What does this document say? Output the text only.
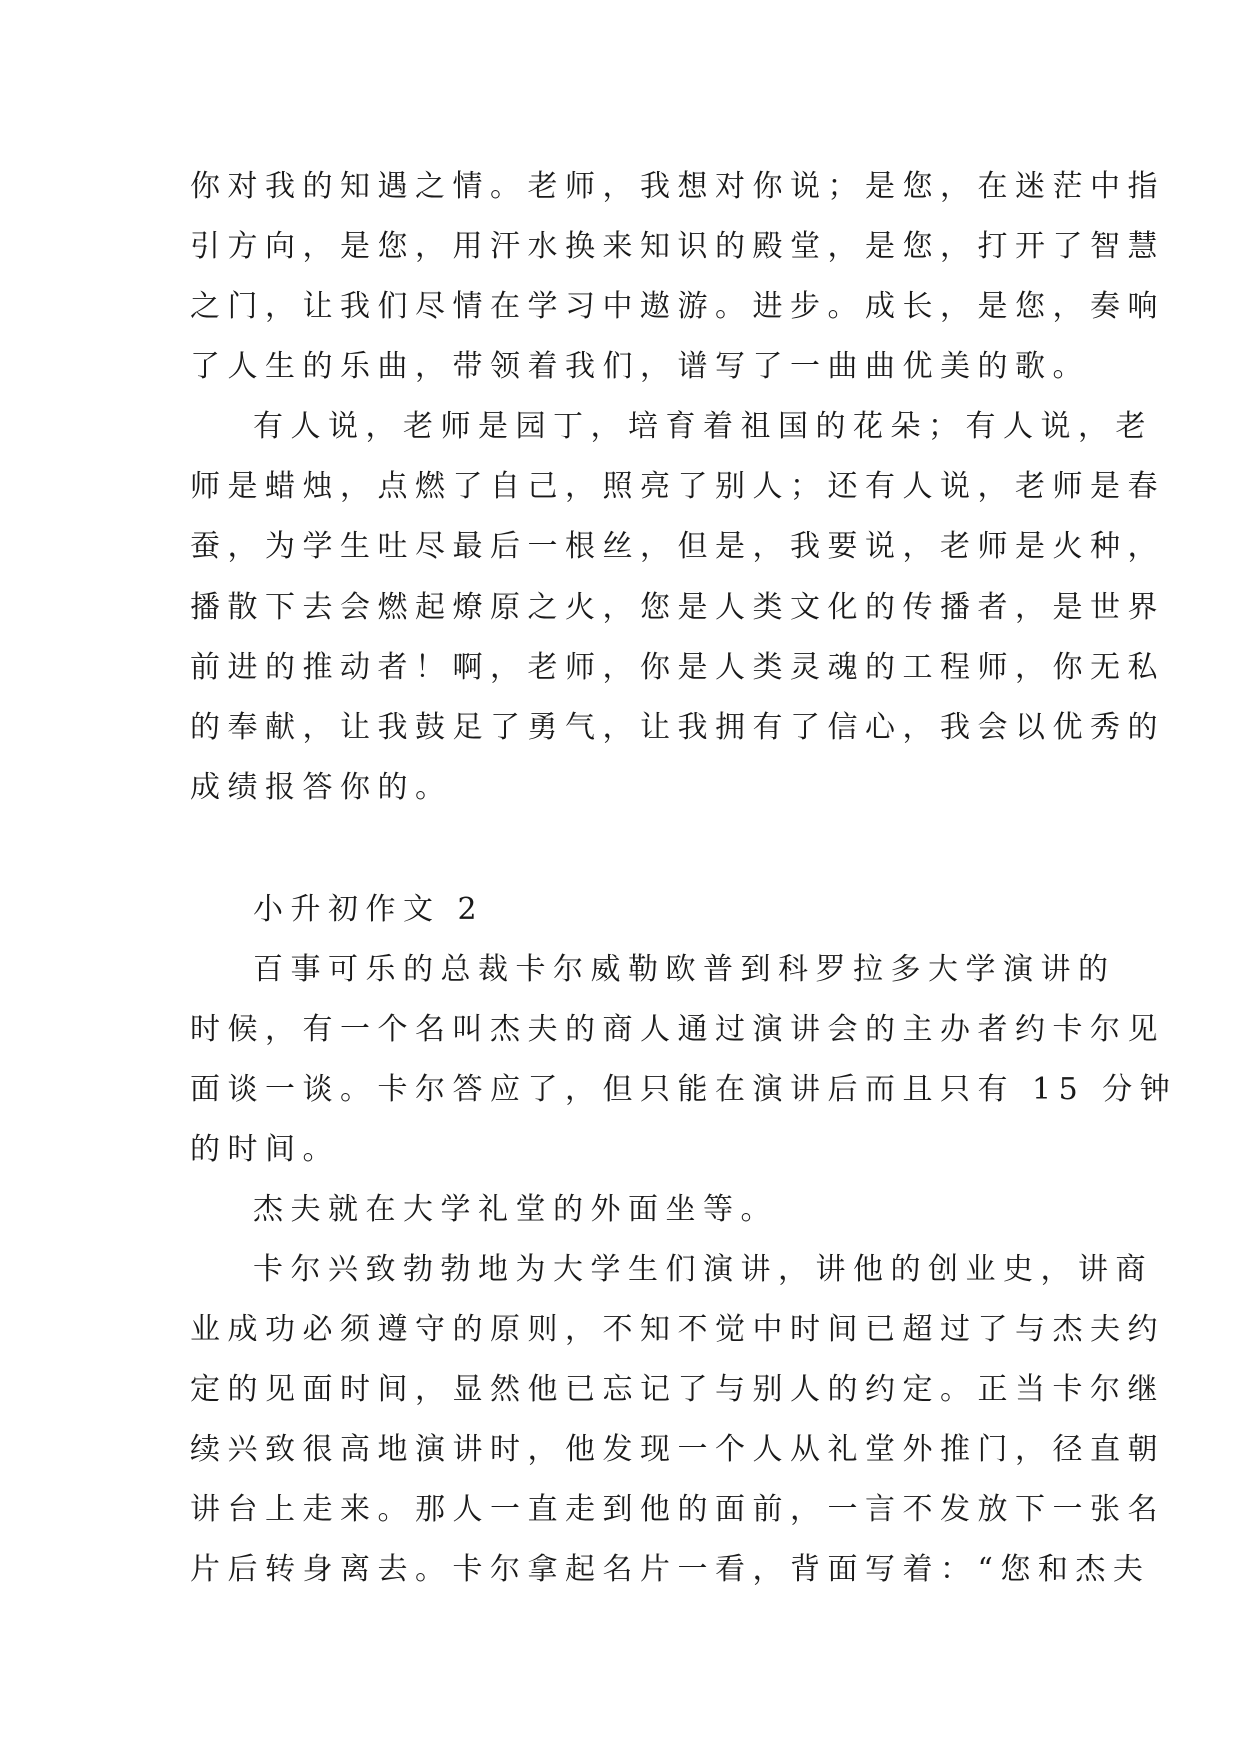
你对我的知遇之情。老师，我想对你说；是您，在迷茫中指
引方向，是您，用汗水换来知识的殿堂，是您，打开了智慧
之门，让我们尽情在学习中遨游。进步。成长，是您，奏响
了人生的乐曲，带领着我们，谱写了一曲曲优美的歌。
有人说，老师是园丁，培育着祖国的花朵；有人说，老
师是蜡烛，点燃了自己，照亮了别人；还有人说，老师是春
蚕，为学生吐尽最后一根丝，但是，我要说，老师是火种，
播散下去会燃起燎原之火，您是人类文化的传播者，是世界
前进的推动者！啊，老师，你是人类灵魂的工程师，你无私
的奉献，让我鼓足了勇气，让我拥有了信心，我会以优秀的
成绩报答你的。
小升初作文 2
百事可乐的总裁卡尔威勒欧普到科罗拉多大学演讲的
时候，有一个名叫杰夫的商人通过演讲会的主办者约卡尔见
面谈一谈。卡尔答应了，但只能在演讲后而且只有 15 分钟
的时间。
杰夫就在大学礼堂的外面坐等。
卡尔兴致勃勃地为大学生们演讲，讲他的创业史，讲商
业成功必须遵守的原则，不知不觉中时间已超过了与杰夫约
定的见面时间，显然他已忘记了与别人的约定。正当卡尔继
续兴致很高地演讲时，他发现一个人从礼堂外推门，径直朝
讲台上走来。那人一直走到他的面前，一言不发放下一张名
片后转身离去。卡尔拿起名片一看，背面写着：“您和杰夫
